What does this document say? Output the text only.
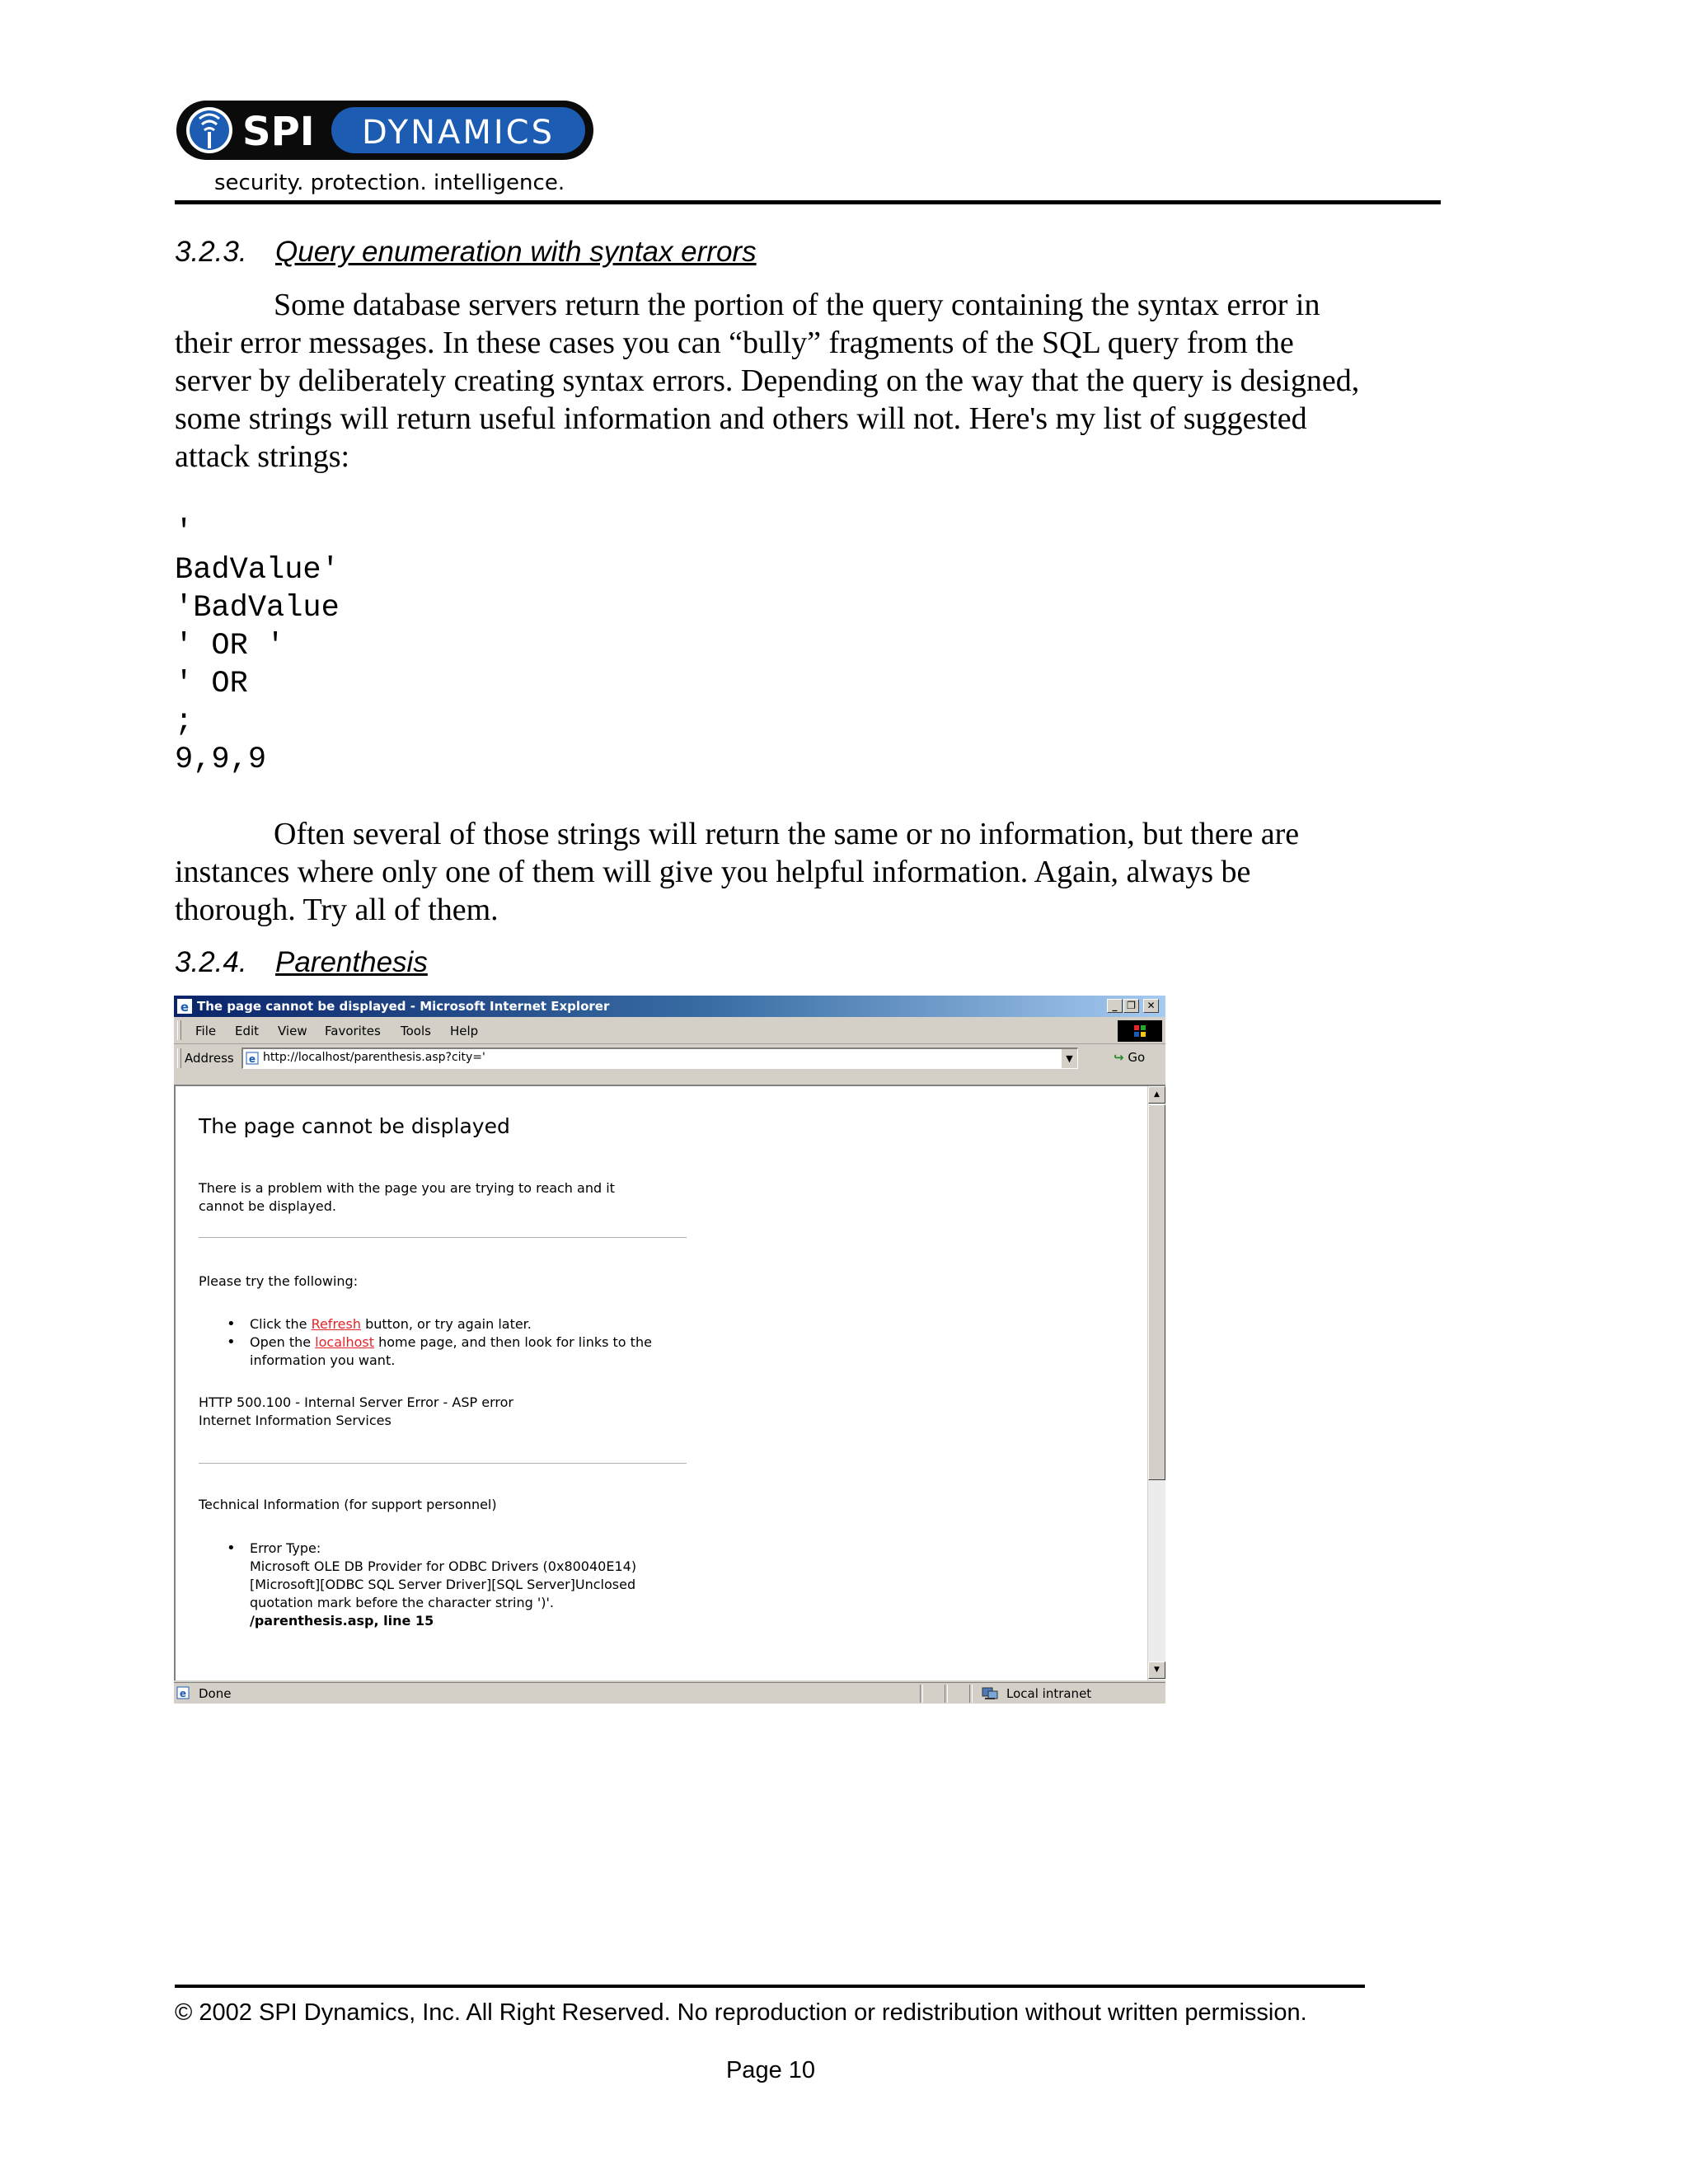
SPI DYNAMICS
security. protection. intelligence.
3.2.3. Query enumeration with syntax errors
Some database servers return the portion of the query containing the syntax error in
their error messages. In these cases you can “bully” fragments of the SQL query from the
server by deliberately creating syntax errors. Depending on the way that the query is designed,
some strings will return useful information and others will not. Here's my list of suggested
attack strings:
'
BadValue'
'BadValue
' OR '
' OR
;
9,9,9
Often several of those strings will return the same or no information, but there are
instances where only one of them will give you helpful information. Again, always be
thorough. Try all of them.
3.2.4. Parenthesis
e The page cannot be displayed - Microsoft Internet Explorer	_ ❐	✕
File Edit View Favorites Tools Help
Address e http://localhost/parenthesis.asp?city='	▼	↪ Go
The page cannot be displayed
There is a problem with the page you are trying to reach and it
cannot be displayed.
Please try the following:
• Click the Refresh button, or try again later.
• Open the localhost home page, and then look for links to the
information you want.
HTTP 500.100 - Internal Server Error - ASP error
Internet Information Services
Technical Information (for support personnel)
• Error Type:
Microsoft OLE DB Provider for ODBC Drivers (0x80040E14)
[Microsoft][ODBC SQL Server Driver][SQL Server]Unclosed
quotation mark before the character string ')'.
/parenthesis.asp, line 15
▲
▼
e Done	Local intranet
© 2002 SPI Dynamics, Inc. All Right Reserved. No reproduction or redistribution without written permission.
Page 10
